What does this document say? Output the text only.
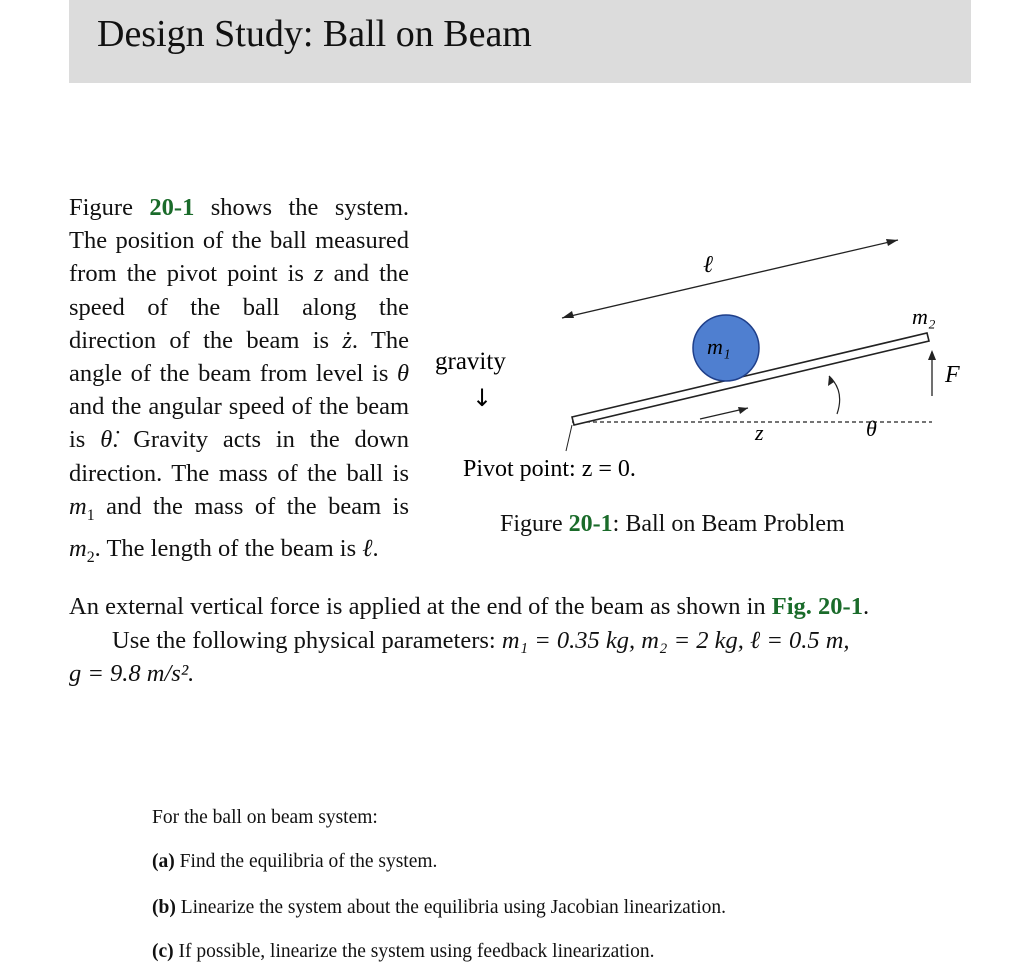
Design Study: Ball on Beam
Figure 20-1 shows the system. The position of the ball measured from the pivot point is z and the speed of the ball along the direction of the beam is ż. The angle of the beam from level is θ and the angular speed of the beam is θ̇. Gravity acts in the down direction. The mass of the ball is $m_1$ and the mass of the beam is $m_2$. The length of the beam is ℓ.
ℓ
m₁
z	θ
m₂
F
gravity
↓
Pivot point: z = 0.
Figure 20-1: Ball on Beam Problem
An external vertical force is applied at the end of the beam as shown in Fig. 20-1.
Use the following physical parameters: m₁ = 0.35 kg, m₂ = 2 kg, ℓ = 0.5 m,
g = 9.8 m/s².
For the ball on beam system:
(a) Find the equilibria of the system.
(b) Linearize the system about the equilibria using Jacobian linearization.
(c) If possible, linearize the system using feedback linearization.
